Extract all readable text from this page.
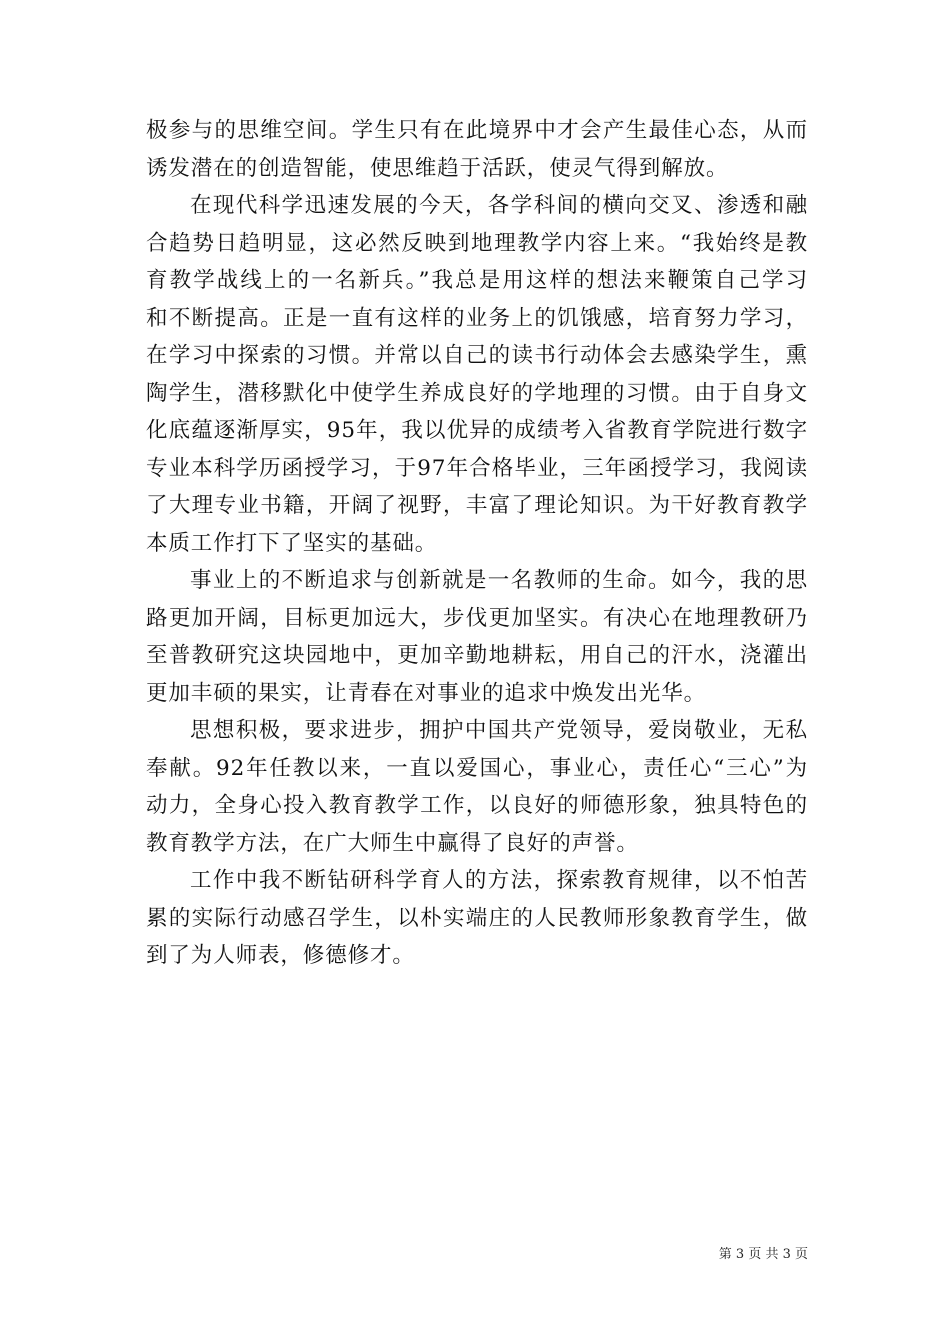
极参与的思维空间。学生只有在此境界中才会产生最佳心态，从而
诱发潜在的创造智能，使思维趋于活跃，使灵气得到解放。
在现代科学迅速发展的今天，各学科间的横向交叉、渗透和融
合趋势日趋明显，这必然反映到地理教学内容上来。“我始终是教
育教学战线上的一名新兵。”我总是用这样的想法来鞭策自己学习
和不断提高。正是一直有这样的业务上的饥饿感，培育努力学习，
在学习中探索的习惯。并常以自己的读书行动体会去感染学生，熏
陶学生，潜移默化中使学生养成良好的学地理的习惯。由于自身文
化底蕴逐渐厚实，95年，我以优异的成绩考入省教育学院进行数字
专业本科学历函授学习，于97年合格毕业，三年函授学习，我阅读
了大理专业书籍，开阔了视野，丰富了理论知识。为干好教育教学
本质工作打下了坚实的基础。
事业上的不断追求与创新就是一名教师的生命。如今，我的思
路更加开阔，目标更加远大，步伐更加坚实。有决心在地理教研乃
至普教研究这块园地中，更加辛勤地耕耘，用自己的汗水，浇灌出
更加丰硕的果实，让青春在对事业的追求中焕发出光华。
思想积极，要求进步，拥护中国共产党领导，爱岗敬业，无私
奉献。92年任教以来，一直以爱国心，事业心，责任心“三心”为
动力，全身心投入教育教学工作，以良好的师德形象，独具特色的
教育教学方法，在广大师生中赢得了良好的声誉。
工作中我不断钻研科学育人的方法，探索教育规律，以不怕苦
累的实际行动感召学生，以朴实端庄的人民教师形象教育学生，做
到了为人师表，修德修才。
第 3 页 共 3 页
